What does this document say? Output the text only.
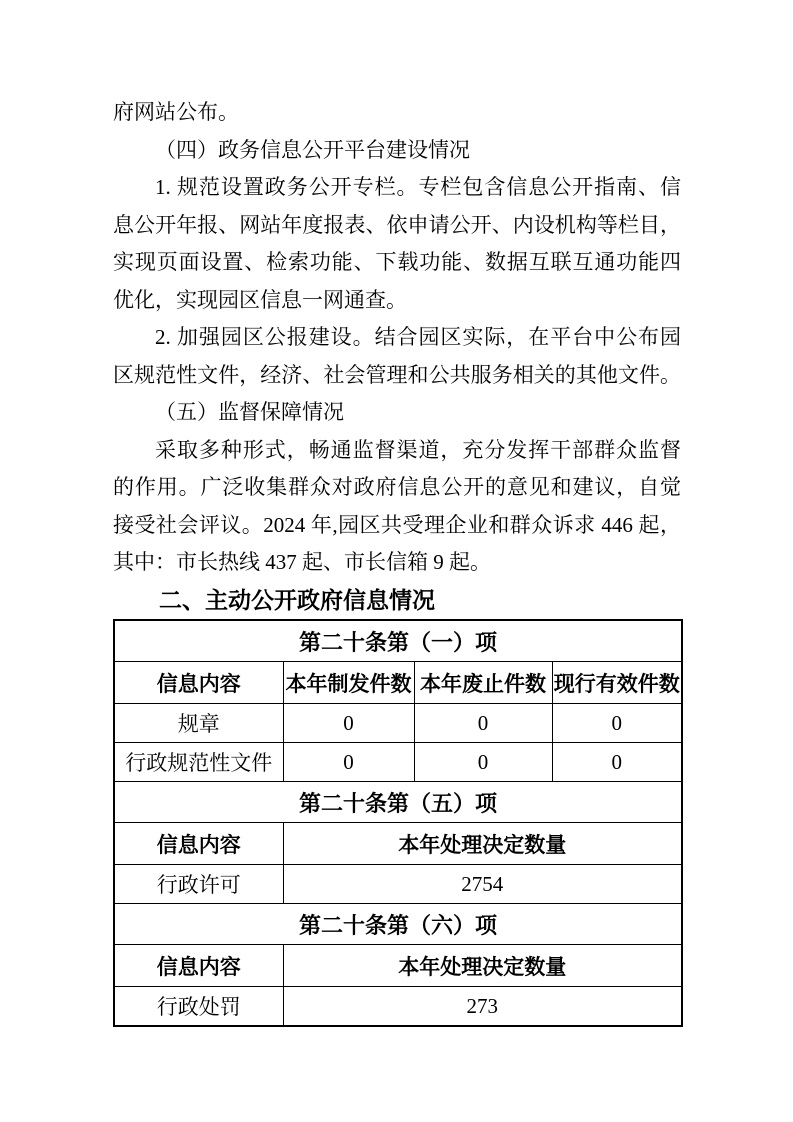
府网站公布。
（四）政务信息公开平台建设情况
1. 规范设置政务公开专栏。专栏包含信息公开指南、信
息公开年报、网站年度报表、依申请公开、内设机构等栏目，
实现页面设置、检索功能、下载功能、数据互联互通功能四
优化，实现园区信息一网通查。
2. 加强园区公报建设。结合园区实际，在平台中公布园
区规范性文件，经济、社会管理和公共服务相关的其他文件。
（五）监督保障情况
采取多种形式，畅通监督渠道，充分发挥干部群众监督
的作用。广泛收集群众对政府信息公开的意见和建议，自觉
接受社会评议。2024 年,园区共受理企业和群众诉求 446 起，
其中：市长热线 437 起、市长信箱 9 起。
二、主动公开政府信息情况
第二十条第（一）项			
信息内容	本年制发件数	本年废止件数	现行有效件数
规章	0	0	0
行政规范性文件	0	0	0
第二十条第（五）项			
信息内容	本年处理决定数量		
行政许可	2754		
第二十条第（六）项			
信息内容	本年处理决定数量		
行政处罚	273		
